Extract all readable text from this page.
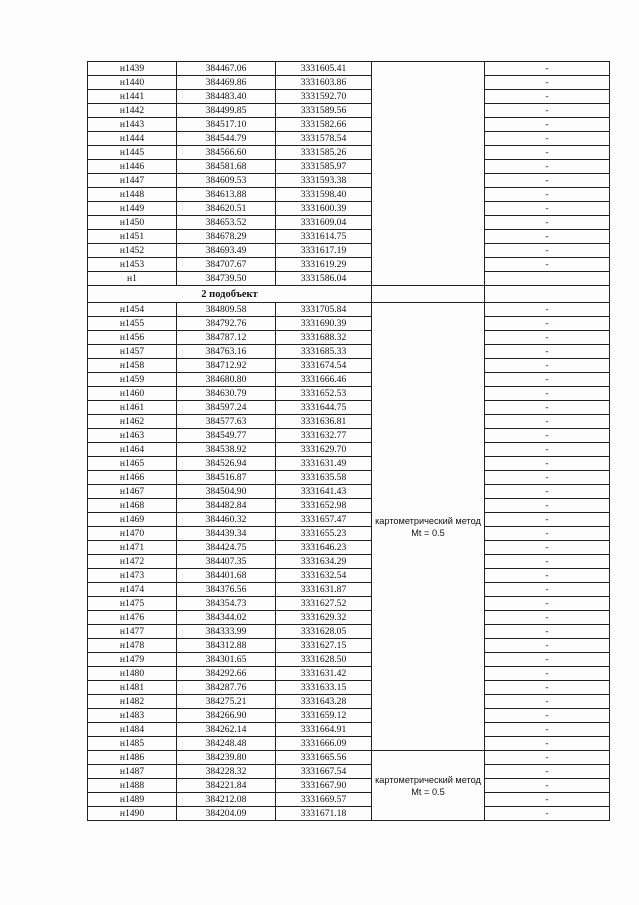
н1439	384467.06	3331605.41		-
н1440	384469.86	3331603.86		-
н1441	384483.40	3331592.70		-
н1442	384499.85	3331589.56		-
н1443	384517.10	3331582.66		-
н1444	384544.79	3331578.54		-
н1445	384566.60	3331585.26		-
н1446	384581.68	3331585.97		-
н1447	384609.53	3331593.38		-
н1448	384613.88	3331598.40		-
н1449	384620.51	3331600.39		-
н1450	384653.52	3331609.04		-
н1451	384678.29	3331614.75		-
н1452	384693.49	3331617.19		-
н1453	384707.67	3331619.29		-
н1	384739.50	3331586.04		
2 подобъект				
н1454	384809.58	3331705.84	картометрический метод Mt = 0.5	-
н1455	384792.76	3331690.39		-
н1456	384787.12	3331688.32		-
н1457	384763.16	3331685.33		-
н1458	384712.92	3331674.54		-
н1459	384680.80	3331666.46		-
н1460	384630.79	3331652.53		-
н1461	384597.24	3331644.75		-
н1462	384577.63	3331636.81		-
н1463	384549.77	3331632.77		-
н1464	384538.92	3331629.70		-
н1465	384526.94	3331631.49		-
н1466	384516.87	3331635.58		-
н1467	384504.90	3331641.43		-
н1468	384482.84	3331652.98		-
н1469	384460.32	3331657.47		-
н1470	384439.34	3331655.23		-
н1471	384424.75	3331646.23		-
н1472	384407.35	3331634.29		-
н1473	384401.68	3331632.54		-
н1474	384376.56	3331631.87		-
н1475	384354.73	3331627.52		-
н1476	384344.02	3331629.32		-
н1477	384333.99	3331628.05		-
н1478	384312.88	3331627.15		-
н1479	384301.65	3331628.50		-
н1480	384292.66	3331631.42		-
н1481	384287.76	3331633.15		-
н1482	384275.21	3331643.28		-
н1483	384266.90	3331659.12		-
н1484	384262.14	3331664.91		-
н1485	384248.48	3331666.09		-
н1486	384239.80	3331665.56	картометрический метод Mt = 0.5	-
н1487	384228.32	3331667.54		-
н1488	384221.84	3331667.90		-
н1489	384212.08	3331669.57		-
н1490	384204.09	3331671.18		-
